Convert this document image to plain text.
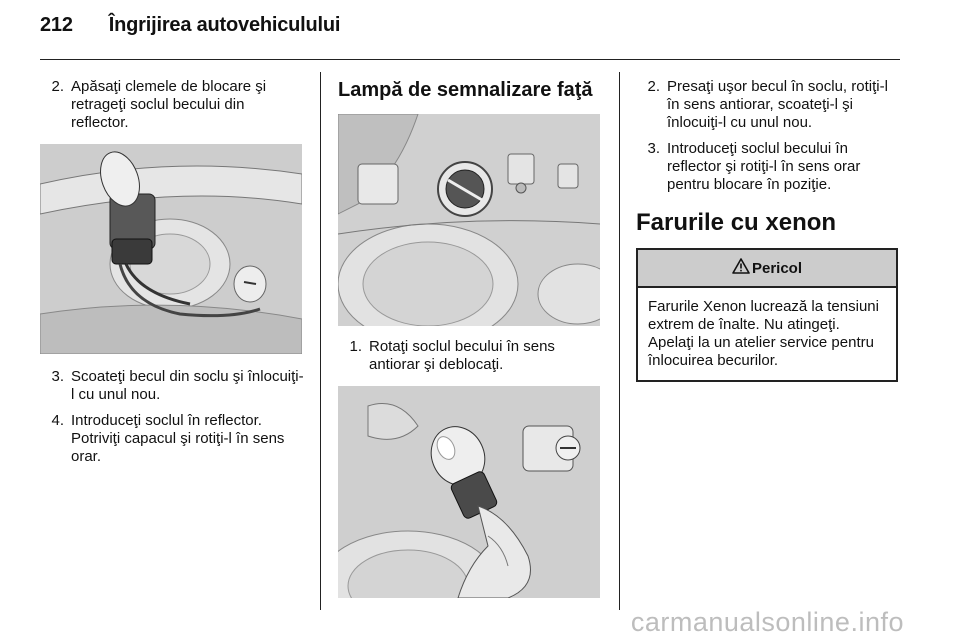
212 Îngrijirea autovehiculului
2. Apăsaţi clemele de blocare şi retrageţi soclul becului din reflector.
3. Scoateţi becul din soclu şi înlocuiţi-l cu unul nou.
4. Introduceţi soclul în reflector. Potriviţi capacul şi rotiţi-l în sens orar.
Lampă de semnalizare faţă
1. Rotaţi soclul becului în sens antiorar şi deblocaţi.
2. Presaţi uşor becul în soclu, rotiţi-l în sens antiorar, scoateţi-l şi înlocuiţi-l cu unul nou.
3. Introduceţi soclul becului în reflector şi rotiţi-l în sens orar pentru blocare în poziţie.
Farurile cu xenon
Pericol
Farurile Xenon lucrează la tensiuni extrem de înalte. Nu atingeţi. Apelaţi la un atelier service pentru înlocuirea becurilor.
carmanualsonline.info
